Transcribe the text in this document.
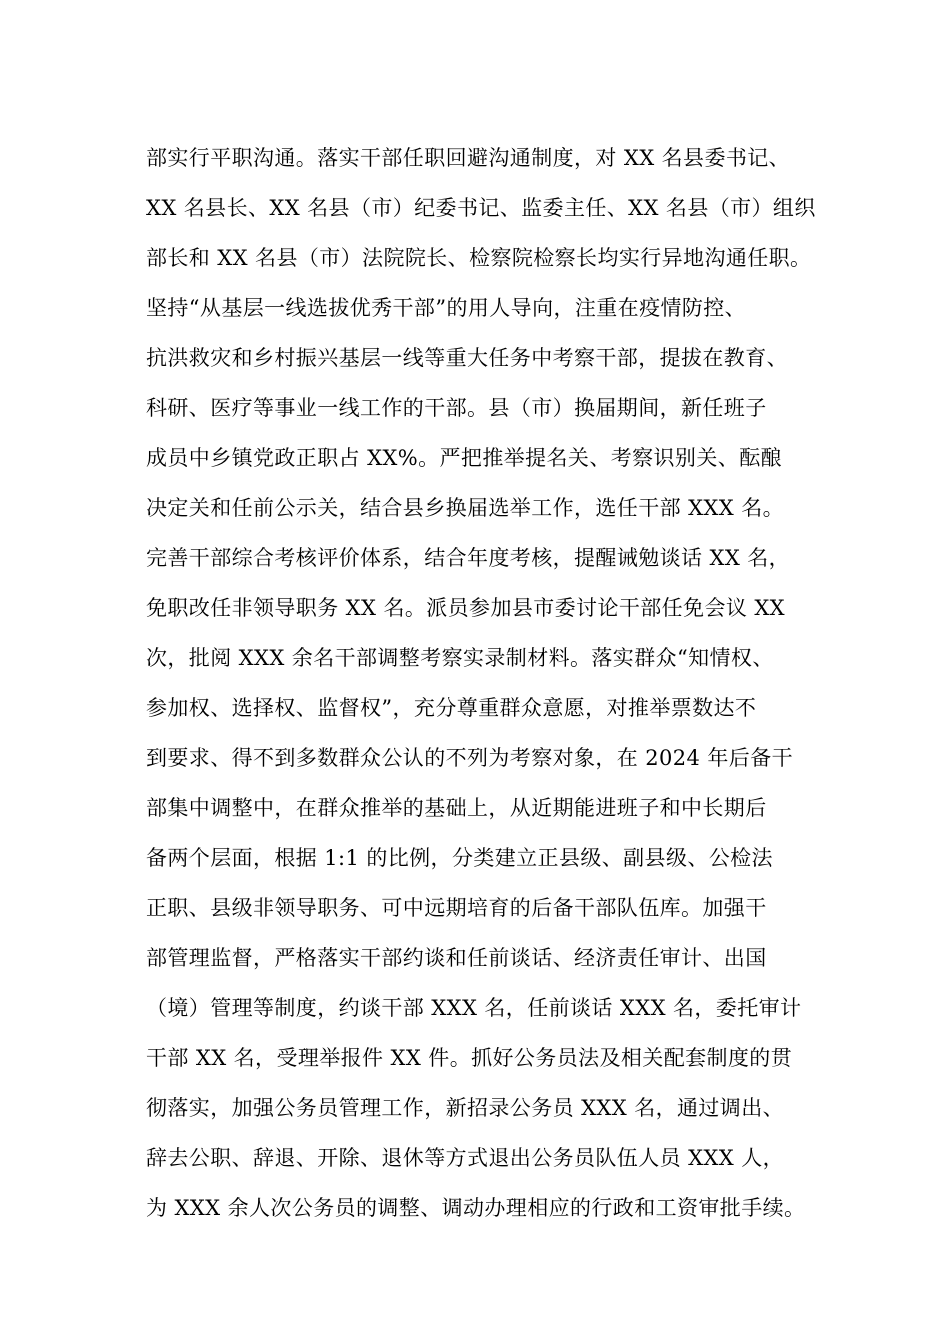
部实行平职沟通。落实干部任职回避沟通制度，对 XX 名县委书记、
XX 名县长、XX 名县（市）纪委书记、监委主任、XX 名县（市）组织
部长和 XX 名县（市）法院院长、检察院检察长均实行异地沟通任职。
坚持“从基层一线选拔优秀干部”的用人导向，注重在疫情防控、
抗洪救灾和乡村振兴基层一线等重大任务中考察干部，提拔在教育、
科研、医疗等事业一线工作的干部。县（市）换届期间，新任班子
成员中乡镇党政正职占 XX%。严把推举提名关、考察识别关、酝酿
决定关和任前公示关，结合县乡换届选举工作，选任干部 XXX 名。
完善干部综合考核评价体系，结合年度考核，提醒诫勉谈话 XX 名，
免职改任非领导职务 XX 名。派员参加县市委讨论干部任免会议 XX
次，批阅 XXX 余名干部调整考察实录制材料。落实群众“知情权、
参加权、选择权、监督权”，充分尊重群众意愿，对推举票数达不
到要求、得不到多数群众公认的不列为考察对象，在 2024 年后备干
部集中调整中，在群众推举的基础上，从近期能进班子和中长期后
备两个层面，根据 1:1 的比例，分类建立正县级、副县级、公检法
正职、县级非领导职务、可中远期培育的后备干部队伍库。加强干
部管理监督，严格落实干部约谈和任前谈话、经济责任审计、出国
（境）管理等制度，约谈干部 XXX 名，任前谈话 XXX 名，委托审计
干部 XX 名，受理举报件 XX 件。抓好公务员法及相关配套制度的贯
彻落实，加强公务员管理工作，新招录公务员 XXX 名，通过调出、
辞去公职、辞退、开除、退休等方式退出公务员队伍人员 XXX 人，
为 XXX 余人次公务员的调整、调动办理相应的行政和工资审批手续。
